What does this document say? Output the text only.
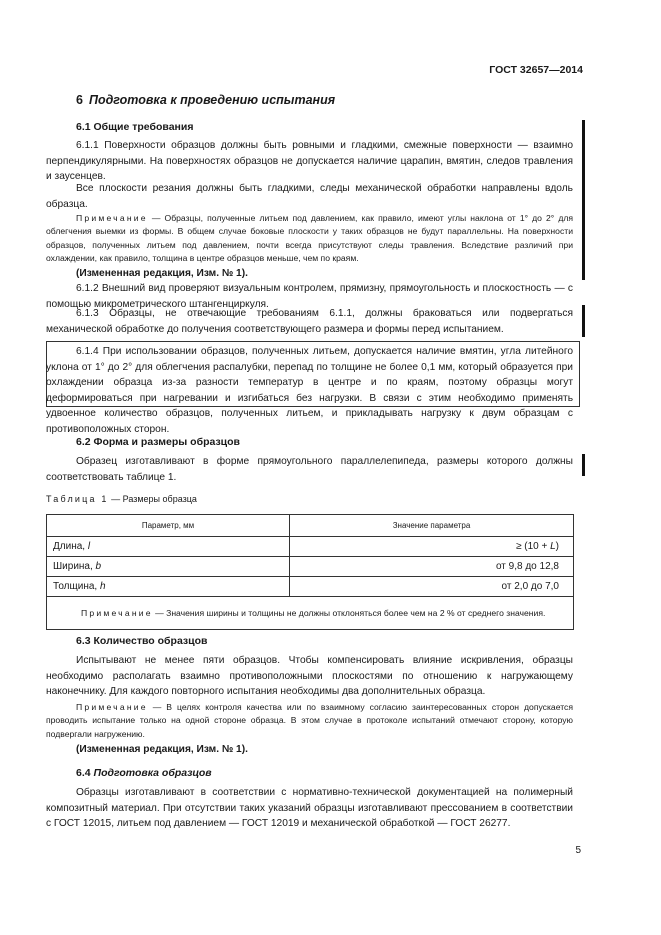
ГОСТ 32657—2014
6 Подготовка к проведению испытания
6.1 Общие требования

6.1.1 Поверхности образцов должны быть ровными и гладкими, смежные поверхности — взаимно перпендикулярными. На поверхностях образцов не допускается наличие царапин, вмятин, следов травления и заусенцев.

Все плоскости резания должны быть гладкими, следы механической обработки направлены вдоль образца.

Примечание — Образцы, полученные литьем под давлением, как правило, имеют углы наклона от 1° до 2° для облегчения выемки из формы. В общем случае боковые плоскости у таких образцов не будут параллельны. На поверхности образцов, полученных литьем под давлением, почти всегда присутствуют следы травления. Вследствие различий при охлаждении, как правило, толщина в центре образцов меньше, чем по краям.

(Измененная редакция, Изм. № 1).

6.1.2 Внешний вид проверяют визуальным контролем, прямизну, прямоугольность и плоскостность — с помощью микрометрического штангенциркуля.

6.1.3 Образцы, не отвечающие требованиям 6.1.1, должны браковаться или подвергаться механической обработке до получения соответствующего размера и формы перед испытанием.

6.1.4 При использовании образцов, полученных литьем, допускается наличие вмятин, угла литейного уклона от 1° до 2° для облегчения распалубки, перепад по толщине не более 0,1 мм, который образуется при охлаждении образца из-за разности температур в центре и по краям, поэтому образцы могут деформироваться при нагревании и изгибаться без нагрузки. В связи с этим необходимо применять удвоенное количество образцов, полученных литьем, и прикладывать нагрузку к двум образцам с противоположных сторон.

6.2 Форма и размеры образцов

Образец изготавливают в форме прямоугольного параллелепипеда, размеры которого должны соответствовать таблице 1.

Таблица 1 — Размеры образца
Параметр, мм	Значение параметра
Длина, l	≥ (10 + L)
Ширина, b	от 9,8 до 12,8
Толщина, h	от 2,0 до 7,0
Примечание — Значения ширины и толщины не должны отклоняться более чем на 2 % от среднего значения.	
6.3 Количество образцов

Испытывают не менее пяти образцов. Чтобы компенсировать влияние искривления, образцы необходимо располагать взаимно противоположными плоскостями по отношению к нагружающему наконечнику. Для каждого повторного испытания необходимы два дополнительных образца.

Примечание — В целях контроля качества или по взаимному согласию заинтересованных сторон допускается проводить испытание только на одной стороне образца. В этом случае в протоколе испытаний отмечают сторону, которую подвергали нагружению.

(Измененная редакция, Изм. № 1).

6.4 Подготовка образцов

Образцы изготавливают в соответствии с нормативно-технической документацией на полимерный композитный материал. При отсутствии таких указаний образцы изготавливают прессованием в соответствии с ГОСТ 12015, литьем под давлением — ГОСТ 12019 и механической обработкой — ГОСТ 26277.

5
